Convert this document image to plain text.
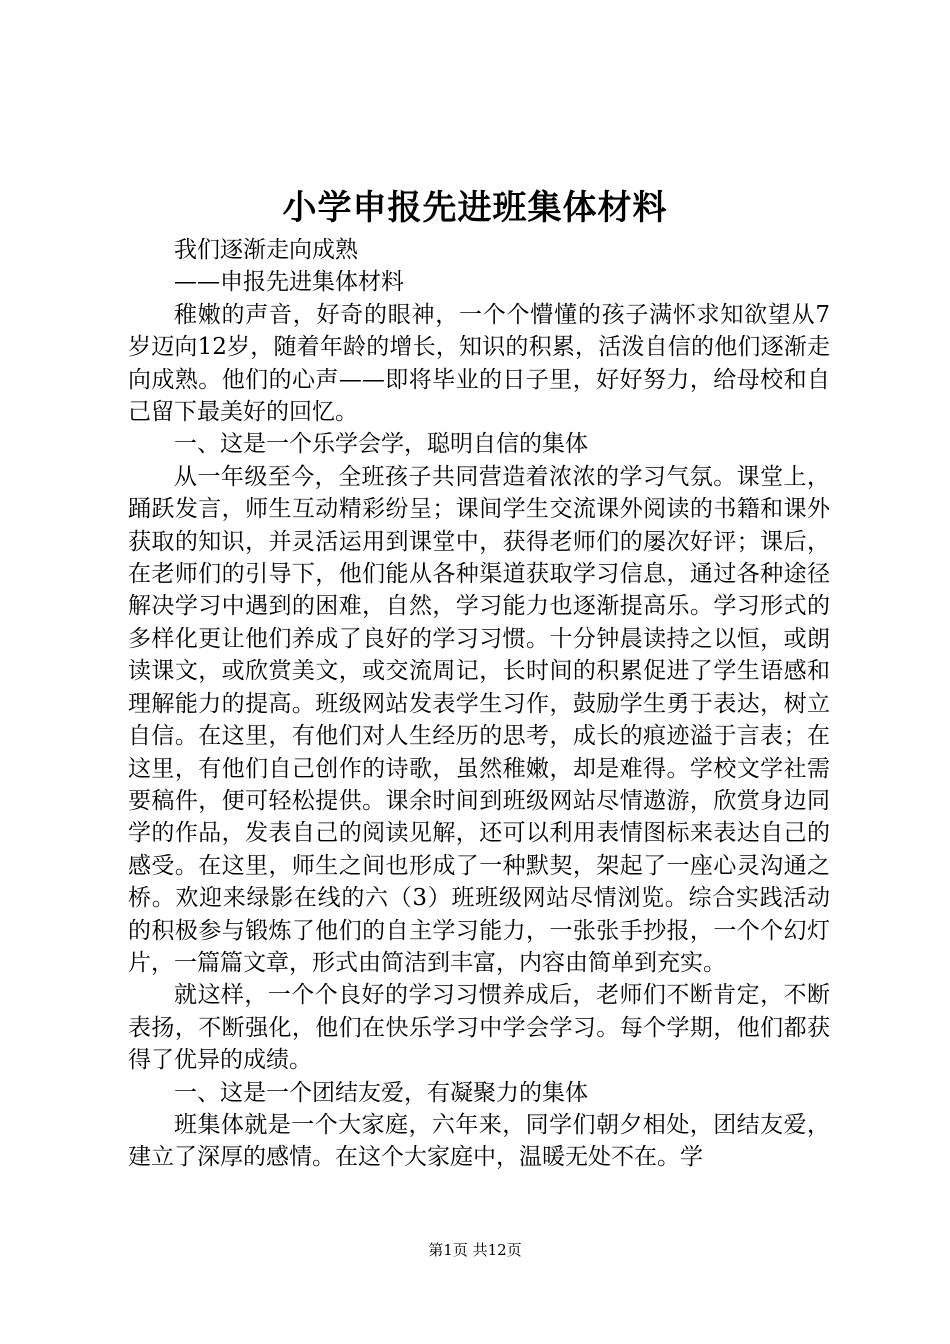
小学申报先进班集体材料

我们逐渐走向成熟

——申报先进集体材料

稚嫩的声音，好奇的眼神，一个个懵懂的孩子满怀求知欲望从7岁迈向12岁，随着年龄的增长，知识的积累，活泼自信的他们逐渐走向成熟。他们的心声——即将毕业的日子里，好好努力，给母校和自己留下最美好的回忆。

一、这是一个乐学会学，聪明自信的集体

从一年级至今，全班孩子共同营造着浓浓的学习气氛。课堂上，踊跃发言，师生互动精彩纷呈；课间学生交流课外阅读的书籍和课外获取的知识，并灵活运用到课堂中，获得老师们的屡次好评；课后，在老师们的引导下，他们能从各种渠道获取学习信息，通过各种途径解决学习中遇到的困难，自然，学习能力也逐渐提高乐。学习形式的多样化更让他们养成了良好的学习习惯。十分钟晨读持之以恒，或朗读课文，或欣赏美文，或交流周记，长时间的积累促进了学生语感和理解能力的提高。班级网站发表学生习作，鼓励学生勇于表达，树立自信。在这里，有他们对人生经历的思考，成长的痕迹溢于言表；在这里，有他们自己创作的诗歌，虽然稚嫩，却是难得。学校文学社需要稿件，便可轻松提供。课余时间到班级网站尽情遨游，欣赏身边同学的作品，发表自己的阅读见解，还可以利用表情图标来表达自己的感受。在这里，师生之间也形成了一种默契，架起了一座心灵沟通之桥。欢迎来绿影在线的六（3）班班级网站尽情浏览。综合实践活动的积极参与锻炼了他们的自主学习能力，一张张手抄报，一个个幻灯片，一篇篇文章，形式由简洁到丰富，内容由简单到充实。

就这样，一个个良好的学习习惯养成后，老师们不断肯定，不断表扬，不断强化，他们在快乐学习中学会学习。每个学期，他们都获得了优异的成绩。

一、这是一个团结友爱，有凝聚力的集体

班集体就是一个大家庭，六年来，同学们朝夕相处，团结友爱，建立了深厚的感情。在这个大家庭中，温暖无处不在。学

第1页 共12页
